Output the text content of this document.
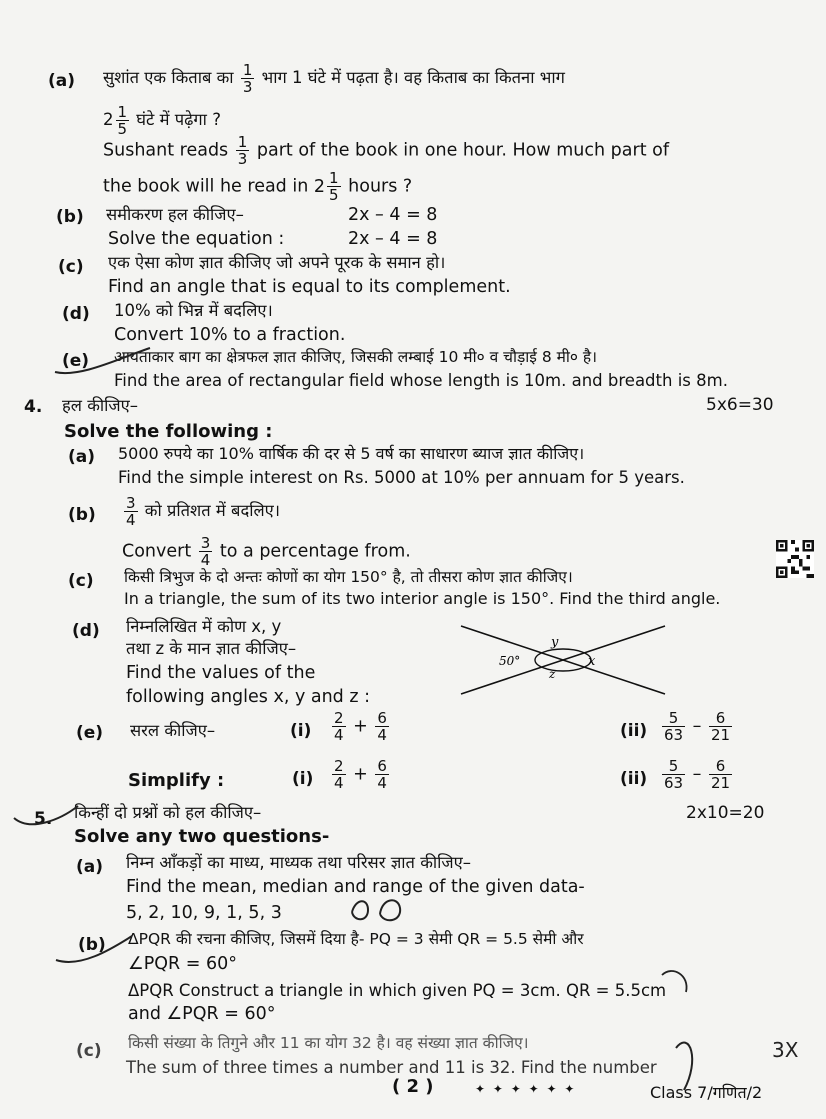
(a) सुशांत एक किताब का $\frac{1}{3}$ भाग 1 घंटे में पढ़ता है। वह किताब का कितना भाग
$2 \frac{1}{5}$ घंटे में पढ़ेगा ?
Sushant reads $\frac{1}{3}$ part of the book in one hour. How much part of
the book will he read in $2 \frac{1}{5}$ hours ?
(b) समीकरण हल कीजिए–	2x – 4 = 8
Solve the equation :	2x – 4 = 8
(c) एक ऐसा कोण ज्ञात कीजिए जो अपने पूरक के समान हो।
Find an angle that is equal to its complement.
(d) 10% को भिन्न में बदलिए।
Convert 10% to a fraction.
(e) आयताकार बाग का क्षेत्रफल ज्ञात कीजिए, जिसकी लम्बाई 10 मी० व चौड़ाई 8 मी० है।
Find the area of rectangular field whose length is 10m. and breadth is 8m.
4. हल कीजिए–	5x6=30
Solve the following :
(a) 5000 रुपये का 10% वार्षिक की दर से 5 वर्ष का साधारण ब्याज ज्ञात कीजिए।
Find the simple interest on Rs. 5000 at 10% per annuam for 5 years.
$(b) \frac{3}{4}$ को प्रतिशत में बदलिए।
Convert $\frac{3}{4}$ to a percentage from.
(c) किसी त्रिभुज के दो अन्तः कोणों का योग 150° है, तो तीसरा कोण ज्ञात कीजिए।
In a triangle, the sum of its two interior angle is 150°. Find the third angle.
(d) निम्नलिखित में कोण x, y
तथा z के मान ज्ञात कीजिए–
Find the values of the
following angles x, y and z :
50°
y
x
z
(e) सरल कीजिए–	$(i) \frac{2}{4} + \frac{6}{4}$	$(ii) \frac{5}{63} - \frac{6}{21}$
Simplify :	$(i) \frac{2}{4} + \frac{6}{4}$	$(ii) \frac{5}{63} - \frac{6}{21}$
5. किन्हीं दो प्रश्नों को हल कीजिए–	2x10=20
Solve any two questions-
(a) निम्न आँकड़ों का माध्य, माध्यक तथा परिसर ज्ञात कीजिए–
Find the mean, median and range of the given data-
5, 2, 10, 9, 1, 5, 3
(b) ΔPQR की रचना कीजिए, जिसमें दिया है- PQ = 3 सेमी QR = 5.5 सेमी और
∠PQR = 60°
ΔPQR Construct a triangle in which given PQ = 3cm. QR = 5.5cm
and ∠PQR = 60°
(c) किसी संख्या के तिगुने और 11 का योग 32 है। वह संख्या ज्ञात कीजिए।
The sum of three times a number and 11 is 32. Find the number
( 2 )	✦ ✦ ✦ ✦ ✦ ✦	Class 7/गणित/2
3X
